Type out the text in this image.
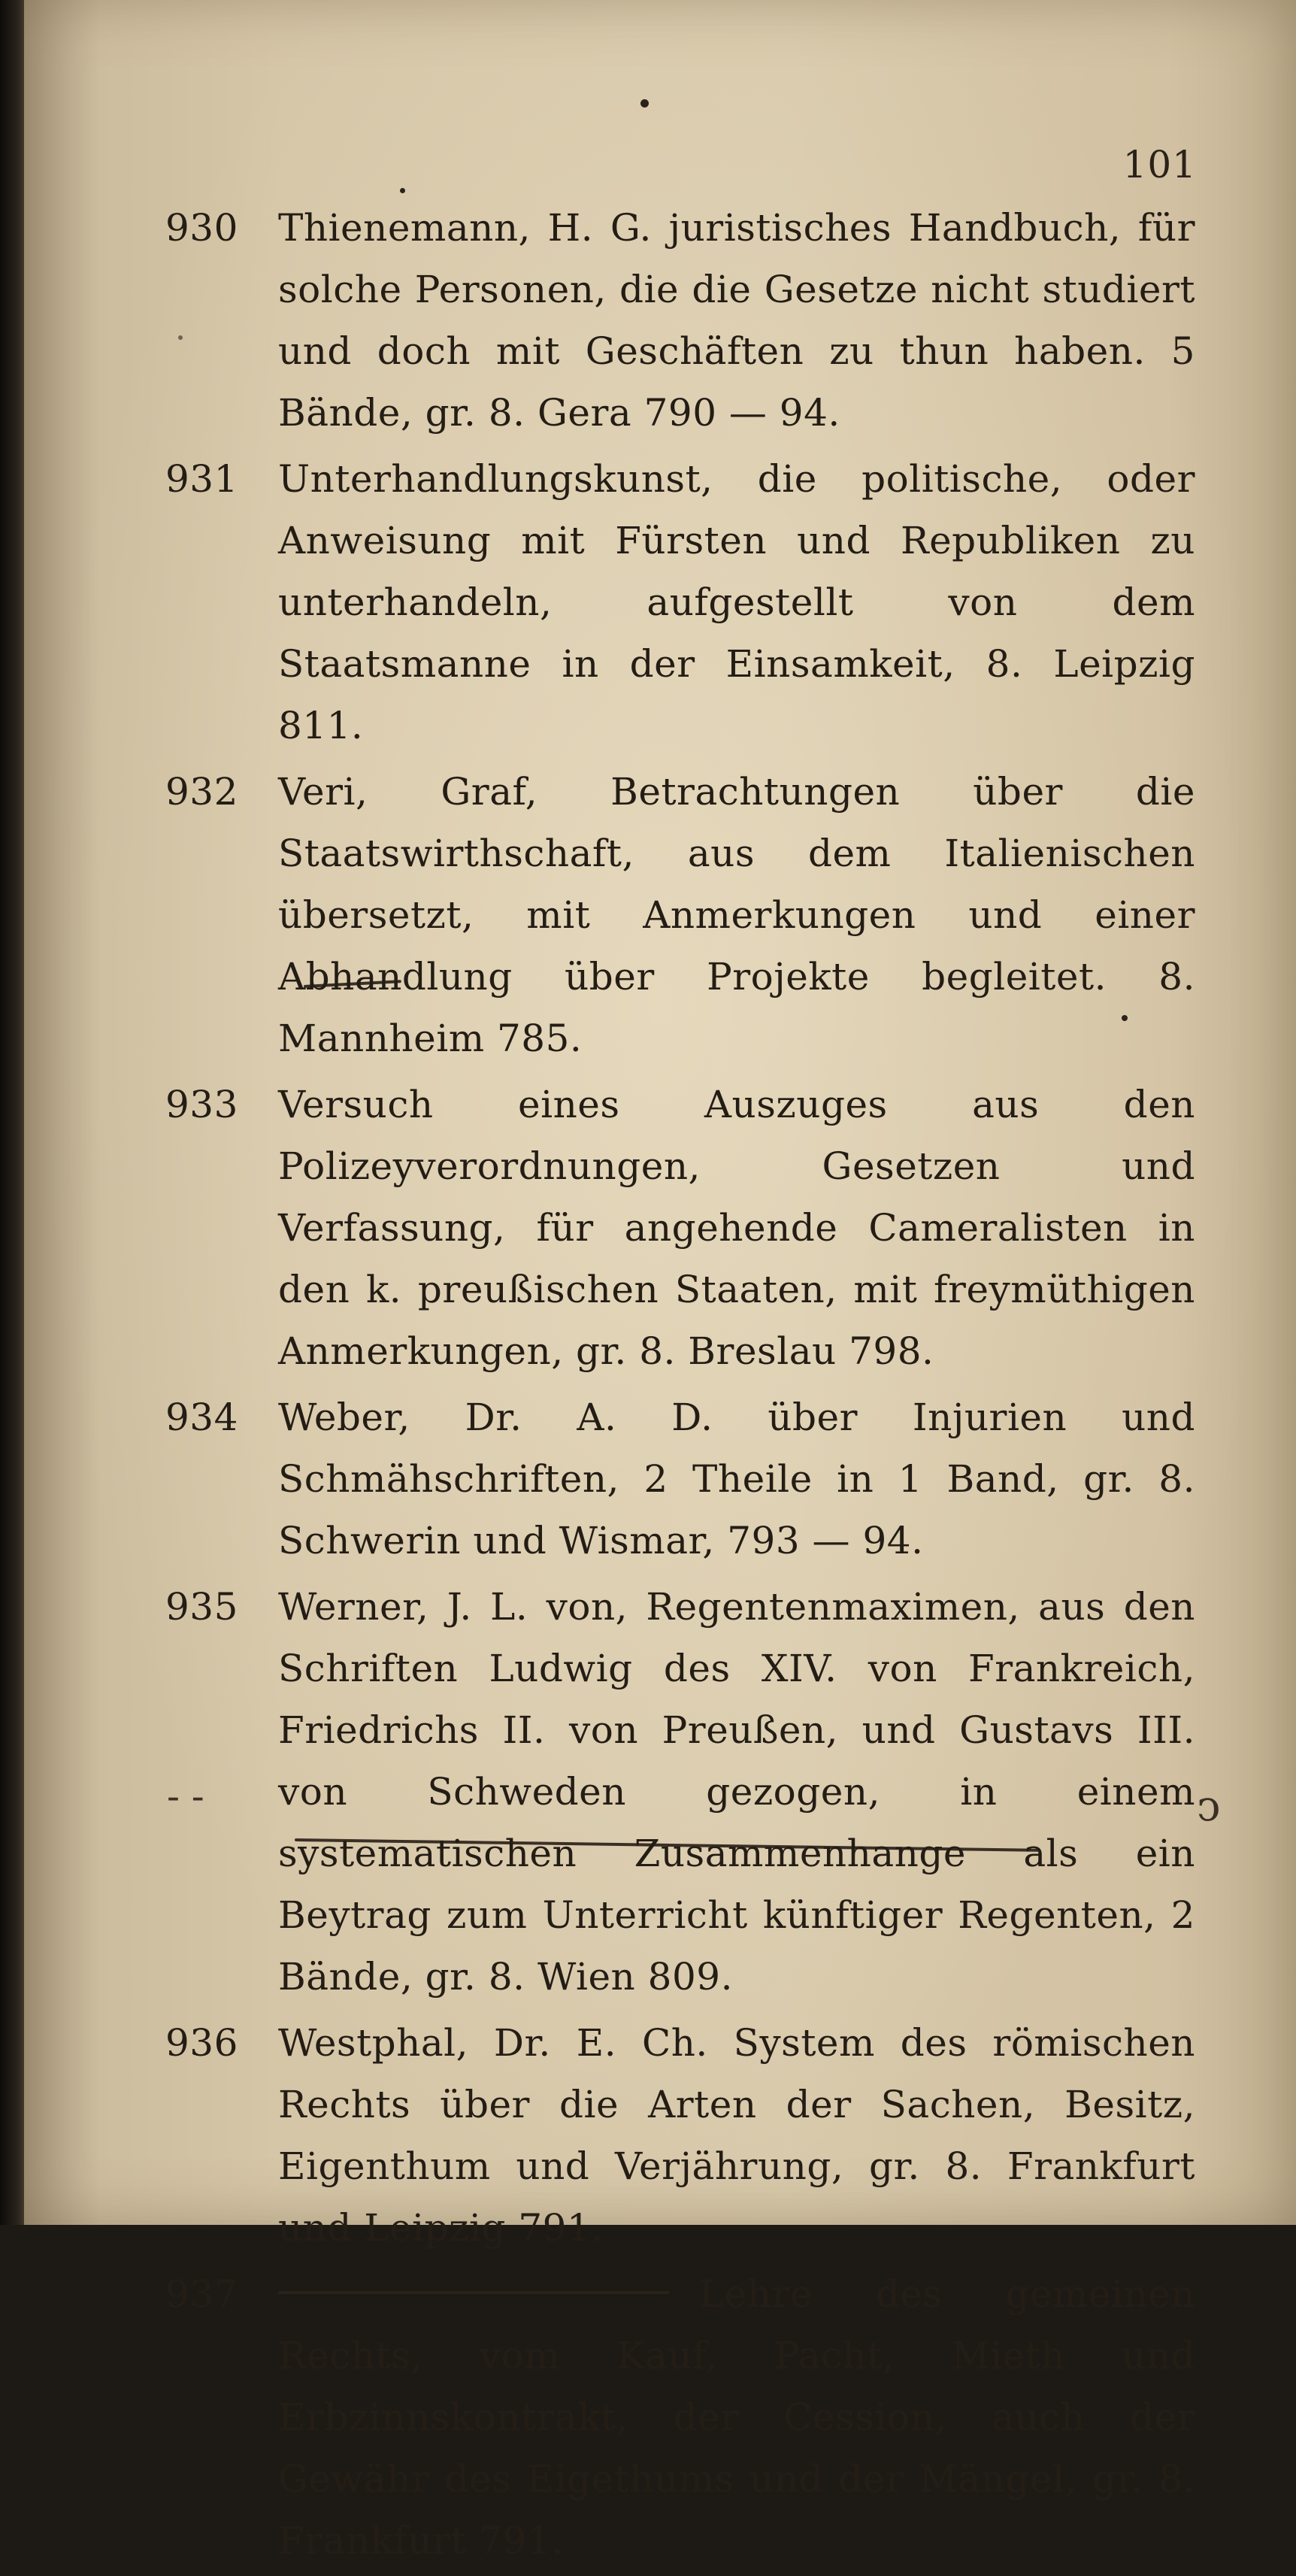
101
‐ ‐	ↄ
930 Thienemann, H. G. juristisches Handbuch, für solche Personen, die die Gesetze nicht studiert und doch mit Geschäften zu thun haben. 5 Bände, gr. 8. Gera 790 — 94.
931 Unterhandlungskunst, die politische, oder Anweisung mit Fürsten und Republiken zu unterhandeln, aufgestellt von dem Staatsmanne in der Einsamkeit, 8. Leipzig 811.
932 Veri, Graf, Betrachtungen über die Staatswirthschaft, aus dem Italienischen übersetzt, mit Anmerkungen und einer Abhandlung über Projekte begleitet. 8. Mannheim 785.
933 Versuch eines Auszuges aus den Polizeyverordnungen, Gesetzen und Verfassung, für angehende Cameralisten in den k. preußischen Staaten, mit freymüthigen Anmerkungen, gr. 8. Breslau 798.
934 Weber, Dr. A. D. über Injurien und Schmähschriften, 2 Theile in 1 Band, gr. 8. Schwerin und Wismar, 793 — 94.
935 Werner, J. L. von, Regentenmaximen, aus den Schriften Ludwig des XIV. von Frankreich, Friedrichs II. von Preußen, und Gustavs III. von Schweden gezogen, in einem systematischen Zusammenhange als ein Beytrag zum Unterricht künftiger Regenten, 2 Bände, gr. 8. Wien 809.
936 Westphal, Dr. E. Ch. System des römischen Rechts über die Arten der Sachen, Besitz, Eigenthum und Verjährung, gr. 8. Frankfurt und Leipzig 791.
937	Lehre des gemeinen Rechts, vom Kauf, Pacht, Mieth und Erbzinnskontrakt, der Cession, auch der Gewähr des Eigethums und der Mängel, gr. 8. Frankfurt 791.
